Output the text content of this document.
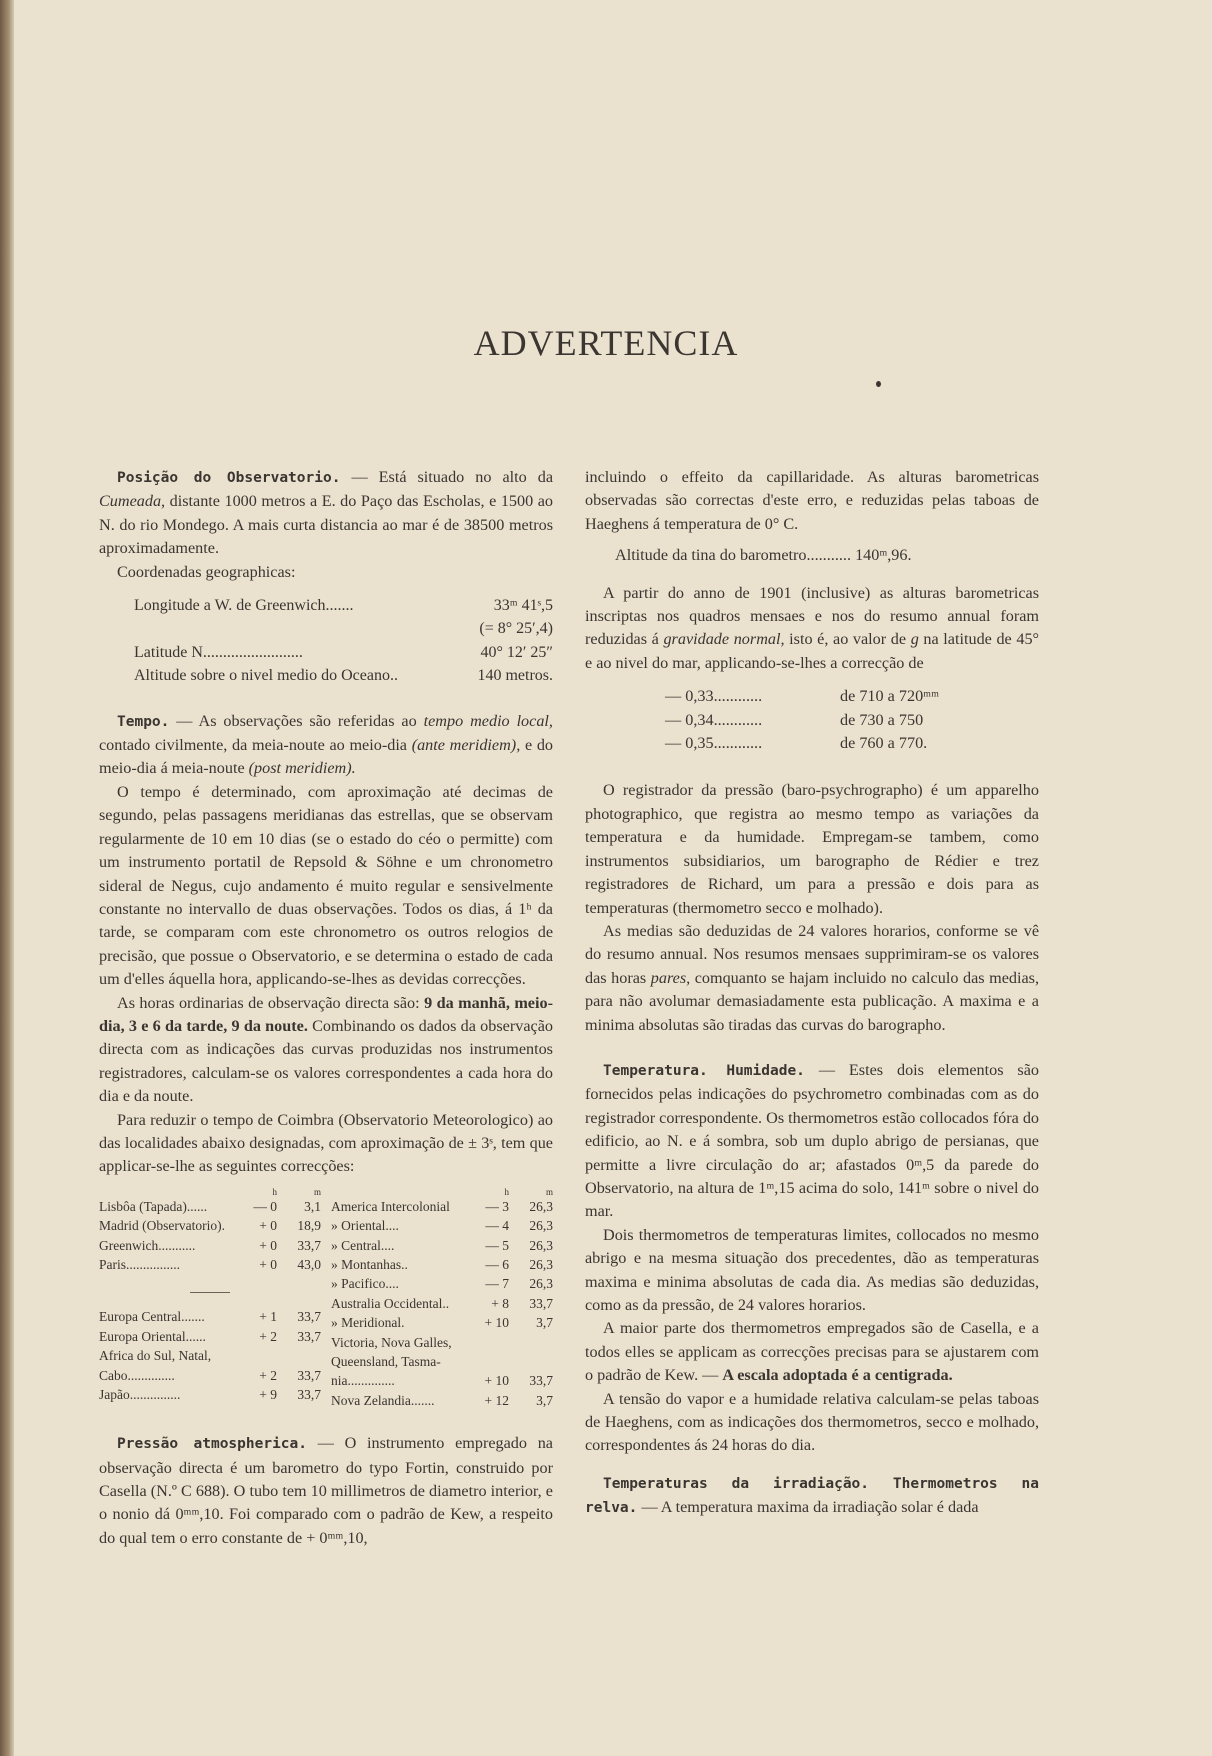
ADVERTENCIA

Posição do Observatorio. — Está situado no alto da Cumeada, distante 1000 metros a E. do Paço das Escholas, e 1500 ao N. do rio Mondego. A mais curta distancia ao mar é de 38500 metros aproximadamente.

Coordenadas geographicas:

Longitude a W. de Greenwich.......	33ᵐ 41ˢ,5
(= 8° 25′,4)
Latitude N.........................	40° 12′ 25″
Altitude sobre o nivel medio do Oceano..	140 metros.

Tempo. — As observações são referidas ao tempo medio local, contado civilmente, da meia-noute ao meio-dia (ante meridiem), e do meio-dia á meia-noute (post meridiem).

O tempo é determinado, com aproximação até decimas de segundo, pelas passagens meridianas das estrellas, que se observam regularmente de 10 em 10 dias (se o estado do céo o permitte) com um instrumento portatil de Repsold & Söhne e um chronometro sideral de Negus, cujo andamento é muito regular e sensivelmente constante no intervallo de duas observações. Todos os dias, á 1ʰ da tarde, se comparam com este chronometro os outros relogios de precisão, que possue o Observatorio, e se determina o estado de cada um d'elles áquella hora, applicando-se-lhes as devidas correcções.

As horas ordinarias de observação directa são: 9 da manhã, meio-dia, 3 e 6 da tarde, 9 da noute. Combinando os dados da observação directa com as indicações das curvas produzidas nos instrumentos registradores, calculam-se os valores correspondentes a cada hora do dia e da noute.

Para reduzir o tempo de Coimbra (Observatorio Meteorologico) ao das localidades abaixo designadas, com aproximação de ± 3ˢ, tem que applicar-se-lhe as seguintes correcções:

h	m
Lisbôa (Tapada)......	— 0	3,1
Madrid (Observatorio).	+ 0	18,9
Greenwich...........	+ 0	33,7
Paris................	+ 0	43,0
Europa Central.......	+ 1	33,7
Europa Oriental......	+ 2	33,7
Africa do Sul, Natal,
Cabo..............	+ 2	33,7
Japão...............	+ 9	33,7
h	m
America Intercolonial	— 3	26,3
» Oriental....	— 4	26,3
» Central....	— 5	26,3
» Montanhas..	— 6	26,3
» Pacifico....	— 7	26,3
Australia Occidental..	+ 8	33,7
» Meridional.	+ 10	3,7
Victoria, Nova Galles,
Queensland, Tasma-
nia..............	+ 10	33,7
Nova Zelandia.......	+ 12	3,7

Pressão atmospherica. — O instrumento empregado na observação directa é um barometro do typo Fortin, construido por Casella (N.º C 688). O tubo tem 10 millimetros de diametro interior, e o nonio dá 0ᵐᵐ,10. Foi comparado com o padrão de Kew, a respeito do qual tem o erro constante de + 0ᵐᵐ,10,

incluindo o effeito da capillaridade. As alturas barometricas observadas são correctas d'este erro, e reduzidas pelas taboas de Haeghens á temperatura de 0° C.

Altitude da tina do barometro...........
140ᵐ,96.

A partir do anno de 1901 (inclusive) as alturas barometricas inscriptas nos quadros mensaes e nos do resumo annual foram reduzidas á gravidade normal, isto é, ao valor de g na latitude de 45° e ao nivel do mar, applicando-se-lhes a correcção de

— 0,33............	de 710 a 720ᵐᵐ
— 0,34............	de 730 a 750
— 0,35............	de 760 a 770.

O registrador da pressão (baro-psychrographo) é um apparelho photographico, que registra ao mesmo tempo as variações da temperatura e da humidade. Empregam-se tambem, como instrumentos subsidiarios, um barographo de Rédier e trez registradores de Richard, um para a pressão e dois para as temperaturas (thermometro secco e molhado).

As medias são deduzidas de 24 valores horarios, conforme se vê do resumo annual. Nos resumos mensaes supprimiram-se os valores das horas pares, comquanto se hajam incluido no calculo das medias, para não avolumar demasiadamente esta publicação. A maxima e a minima absolutas são tiradas das curvas do barographo.

Temperatura. Humidade. — Estes dois elementos são fornecidos pelas indicações do psychrometro combinadas com as do registrador correspondente. Os thermometros estão collocados fóra do edificio, ao N. e á sombra, sob um duplo abrigo de persianas, que permitte a livre circulação do ar; afastados 0ᵐ,5 da parede do Observatorio, na altura de 1ᵐ,15 acima do solo, 141ᵐ sobre o nivel do mar.

Dois thermometros de temperaturas limites, collocados no mesmo abrigo e na mesma situação dos precedentes, dão as temperaturas maxima e minima absolutas de cada dia. As medias são deduzidas, como as da pressão, de 24 valores horarios.

A maior parte dos thermometros empregados são de Casella, e a todos elles se applicam as correcções precisas para se ajustarem com o padrão de Kew. — A escala adoptada é a centigrada.

A tensão do vapor e a humidade relativa calculam-se pelas taboas de Haeghens, com as indicações dos thermometros, secco e molhado, correspondentes ás 24 horas do dia.

Temperaturas da irradiação. Thermometros na relva. — A temperatura maxima da irradiação solar é dada
